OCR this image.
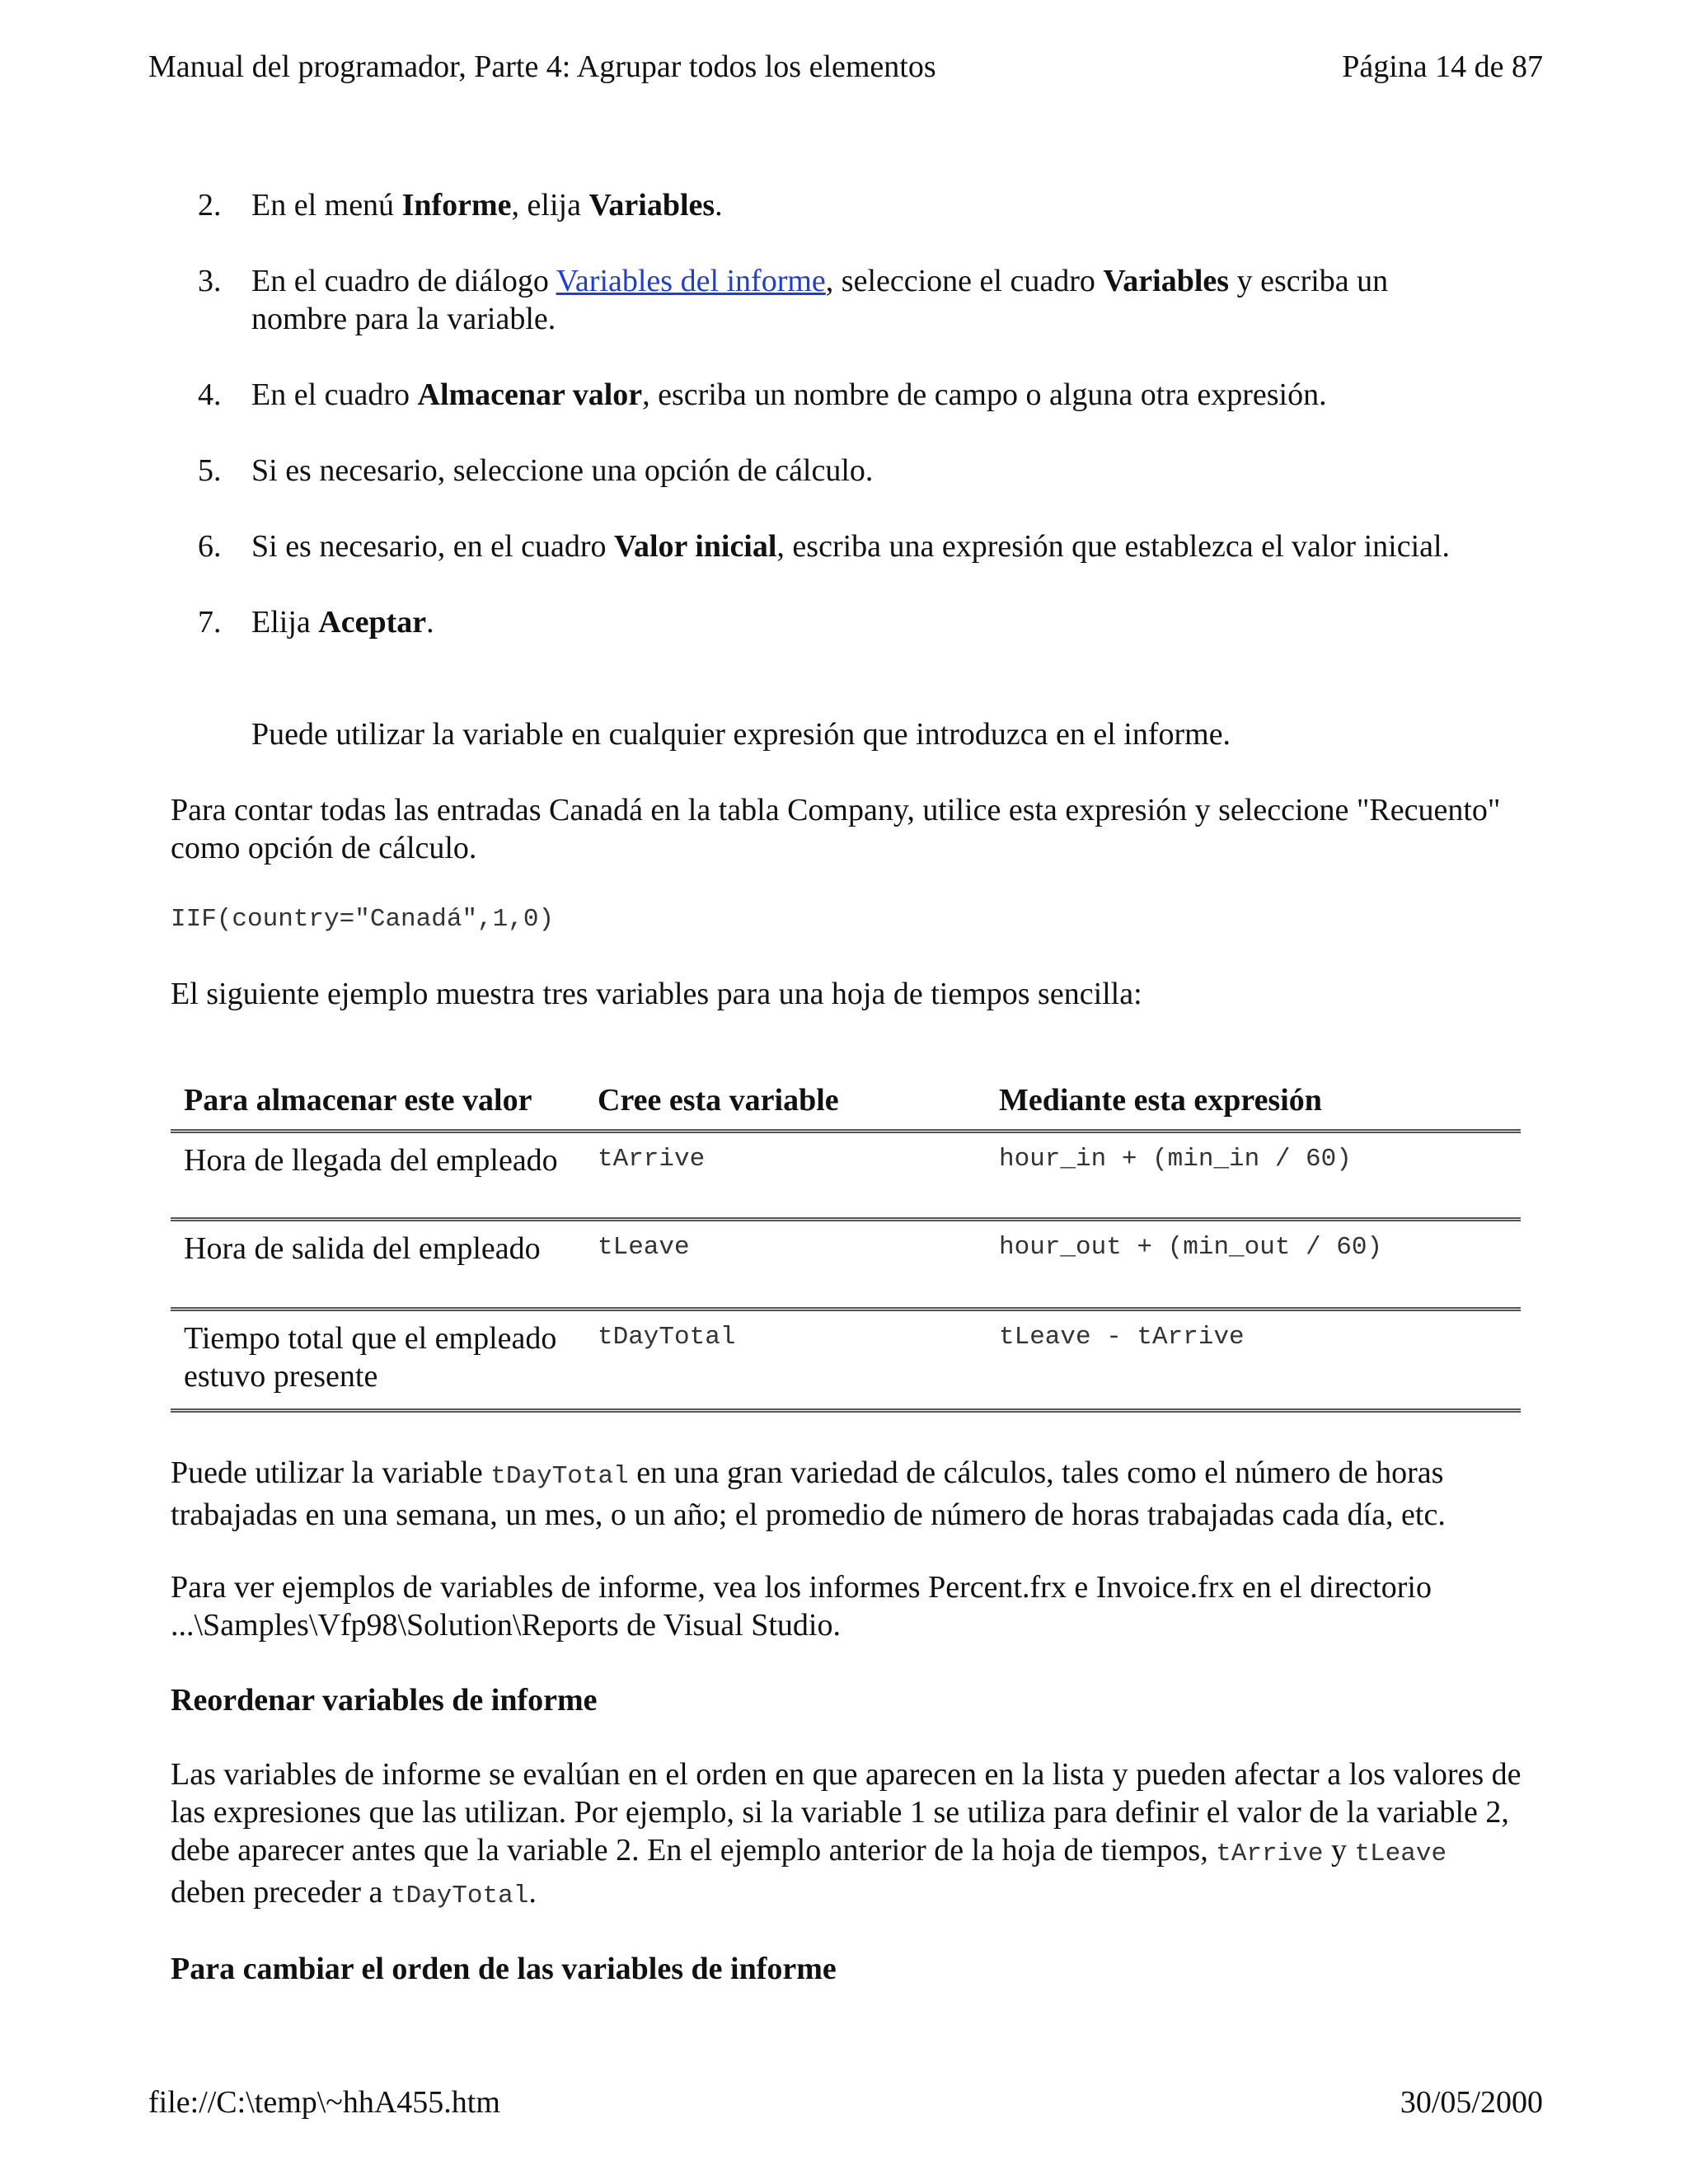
Manual del programador, Parte 4: Agrupar todos los elementos	Página 14 de 87
2. En el menú Informe, elija Variables.
3. En el cuadro de diálogo Variables del informe, seleccione el cuadro Variables y escriba un nombre para la variable.
4. En el cuadro Almacenar valor, escriba un nombre de campo o alguna otra expresión.
5. Si es necesario, seleccione una opción de cálculo.
6. Si es necesario, en el cuadro Valor inicial, escriba una expresión que establezca el valor inicial.
7. Elija Aceptar.

Puede utilizar la variable en cualquier expresión que introduzca en el informe.

Para contar todas las entradas Canadá en la tabla Company, utilice esta expresión y seleccione "Recuento" como opción de cálculo.

IIF(country="Canadá",1,0)

El siguiente ejemplo muestra tres variables para una hoja de tiempos sencilla:

Para almacenar este valor	Cree esta variable	Mediante esta expresión
Hora de llegada del empleado	tArrive	hour_in + (min_in / 60)
Hora de salida del empleado	tLeave	hour_out + (min_out / 60)
Tiempo total que el empleado estuvo presente	tDayTotal	tLeave - tArrive

Puede utilizar la variable tDayTotal en una gran variedad de cálculos, tales como el número de horas trabajadas en una semana, un mes, o un año; el promedio de número de horas trabajadas cada día, etc.

Para ver ejemplos de variables de informe, vea los informes Percent.frx e Invoice.frx en el directorio ...\Samples\Vfp98\Solution\Reports de Visual Studio.

Reordenar variables de informe

Las variables de informe se evalúan en el orden en que aparecen en la lista y pueden afectar a los valores de las expresiones que las utilizan. Por ejemplo, si la variable 1 se utiliza para definir el valor de la variable 2, debe aparecer antes que la variable 2. En el ejemplo anterior de la hoja de tiempos, tArrive y tLeave deben preceder a tDayTotal.

Para cambiar el orden de las variables de informe

file://C:\temp\~hhA455.htm	30/05/2000
